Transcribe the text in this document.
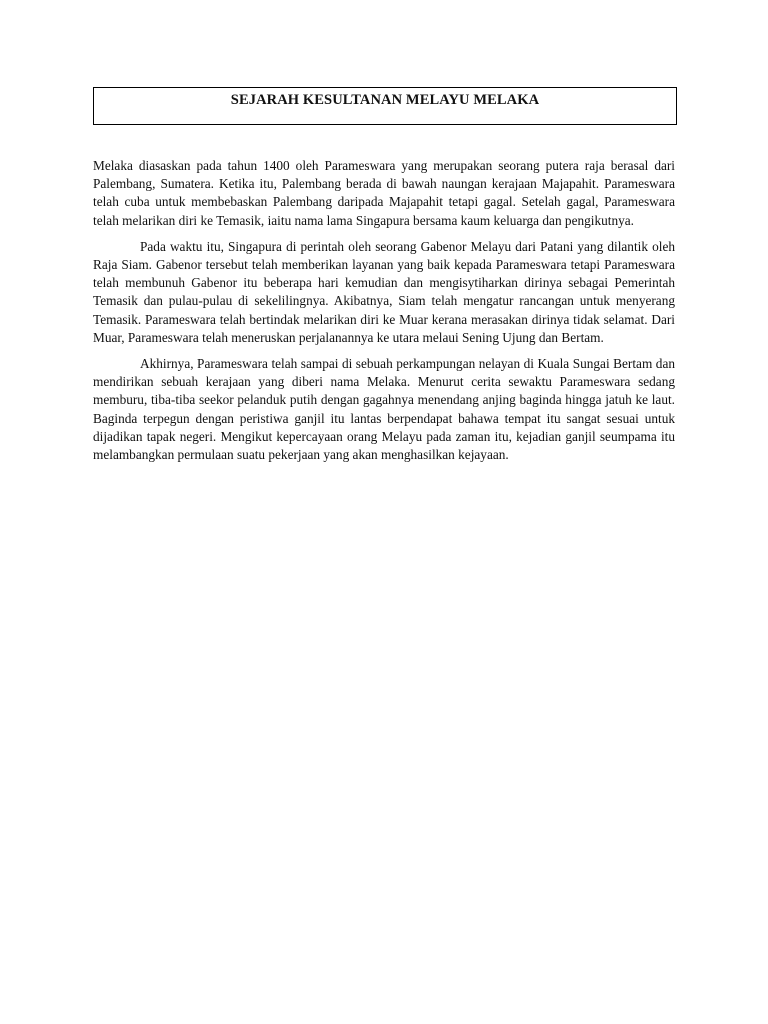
SEJARAH KESULTANAN MELAYU MELAKA

Melaka diasaskan pada tahun 1400 oleh Parameswara yang merupakan seorang putera raja berasal dari Palembang, Sumatera. Ketika itu, Palembang berada di bawah naungan kerajaan Majapahit. Parameswara telah cuba untuk membebaskan Palembang daripada Majapahit tetapi gagal. Setelah gagal, Parameswara telah melarikan diri ke Temasik, iaitu nama lama Singapura bersama kaum keluarga dan pengikutnya.

Pada waktu itu, Singapura di perintah oleh seorang Gabenor Melayu dari Patani yang dilantik oleh Raja Siam. Gabenor tersebut telah memberikan layanan yang baik kepada Parameswara tetapi Parameswara telah membunuh Gabenor itu beberapa hari kemudian dan mengisytiharkan dirinya sebagai Pemerintah Temasik dan pulau-pulau di sekelilingnya. Akibatnya, Siam telah mengatur rancangan untuk menyerang Temasik. Parameswara telah bertindak melarikan diri ke Muar kerana merasakan dirinya tidak selamat. Dari Muar, Parameswara telah meneruskan perjalanannya ke utara melaui Sening Ujung dan Bertam.

Akhirnya, Parameswara telah sampai di sebuah perkampungan nelayan di Kuala Sungai Bertam dan mendirikan sebuah kerajaan yang diberi nama Melaka. Menurut cerita sewaktu Parameswara sedang memburu, tiba-tiba seekor pelanduk putih dengan gagahnya menendang anjing baginda hingga jatuh ke laut. Baginda terpegun dengan peristiwa ganjil itu lantas berpendapat bahawa tempat itu sangat sesuai untuk dijadikan tapak negeri. Mengikut kepercayaan orang Melayu pada zaman itu, kejadian ganjil seumpama itu melambangkan permulaan suatu pekerjaan yang akan menghasilkan kejayaan.
